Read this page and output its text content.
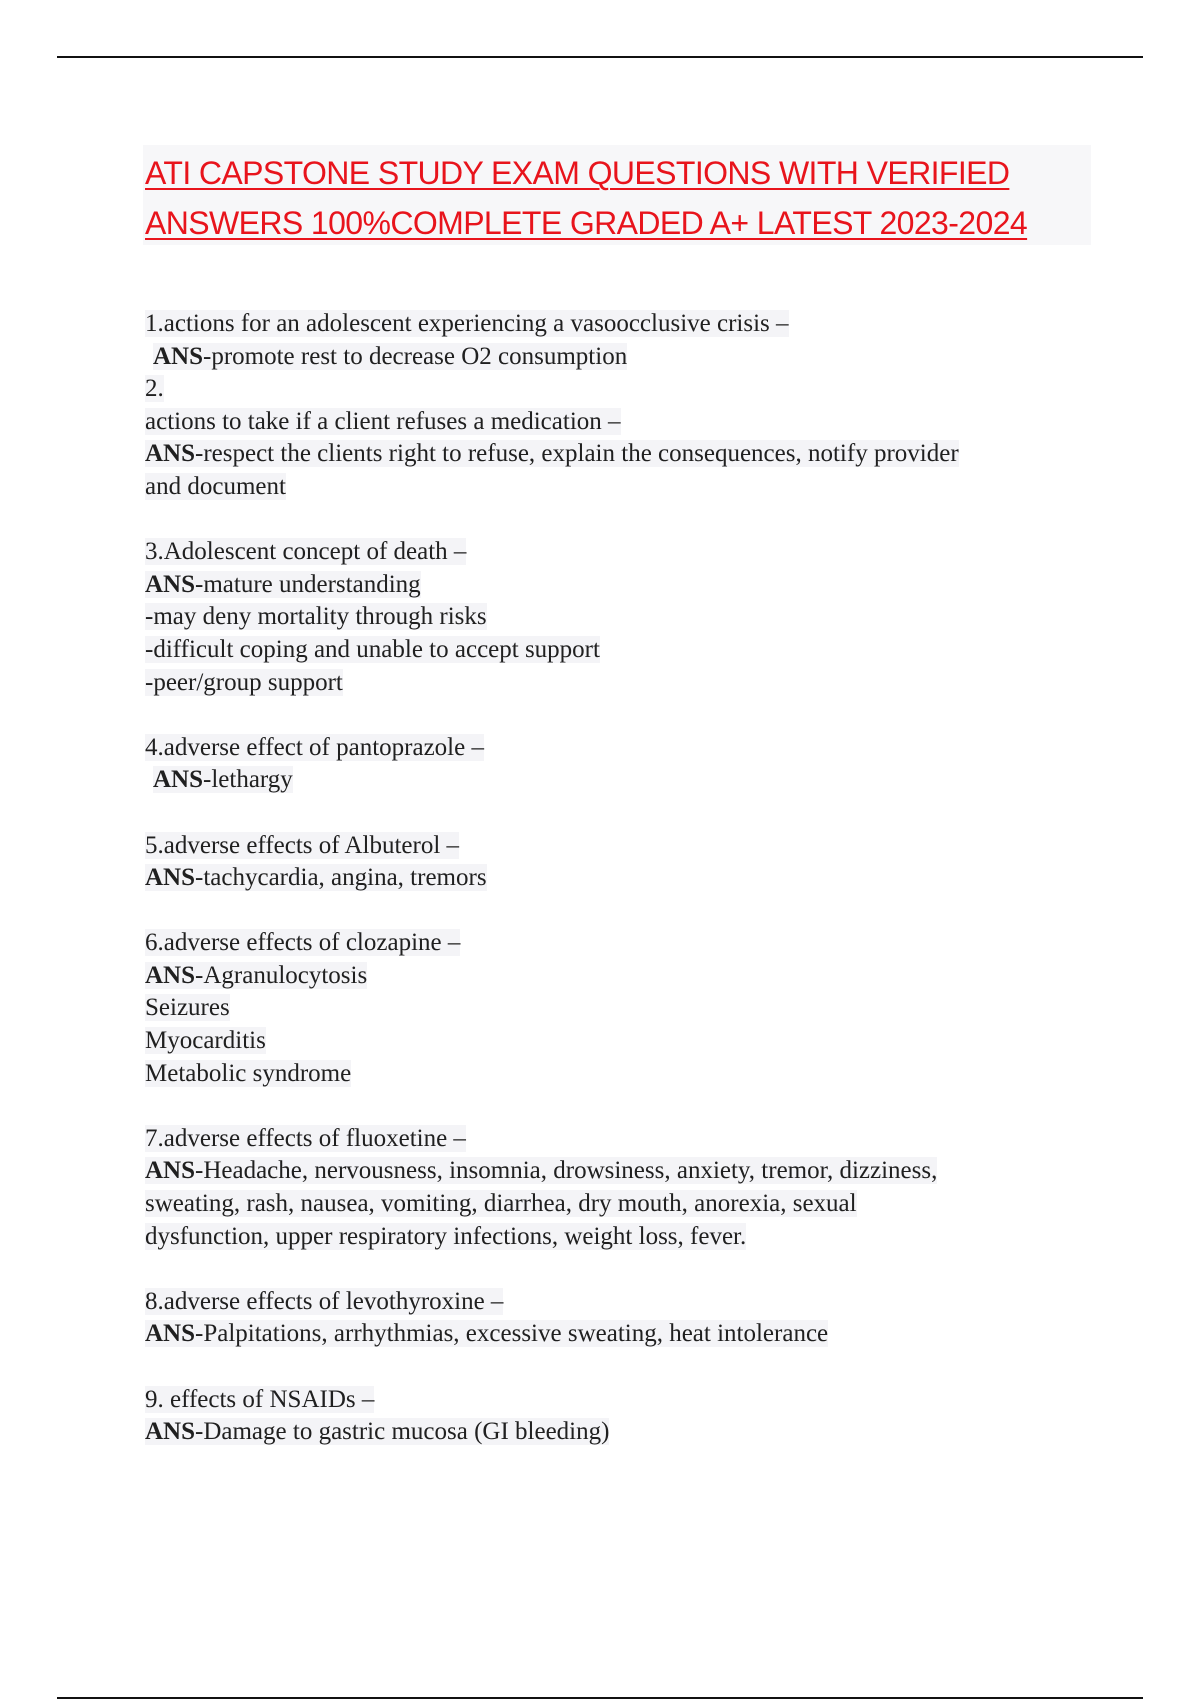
ATI CAPSTONE STUDY EXAM QUESTIONS WITH VERIFIED
ANSWERS 100%COMPLETE GRADED A+ LATEST 2023-2024

1.actions for an adolescent experiencing a vasoocclusive crisis –

ANS-promote rest to decrease O2 consumption

2.

actions to take if a client refuses a medication –

ANS-respect the clients right to refuse, explain the consequences, notify provider

and document

3.Adolescent concept of death –

ANS-mature understanding

-may deny mortality through risks

-difficult coping and unable to accept support

-peer/group support

4.adverse effect of pantoprazole –

ANS-lethargy

5.adverse effects of Albuterol –

ANS-tachycardia, angina, tremors

6.adverse effects of clozapine –

ANS-Agranulocytosis

Seizures

Myocarditis

Metabolic syndrome

7.adverse effects of fluoxetine –

ANS-Headache, nervousness, insomnia, drowsiness, anxiety, tremor, dizziness,

sweating, rash, nausea, vomiting, diarrhea, dry mouth, anorexia, sexual

dysfunction, upper respiratory infections, weight loss, fever.

8.adverse effects of levothyroxine –

ANS-Palpitations, arrhythmias, excessive sweating, heat intolerance

9. effects of NSAIDs –

ANS-Damage to gastric mucosa (GI bleeding)
